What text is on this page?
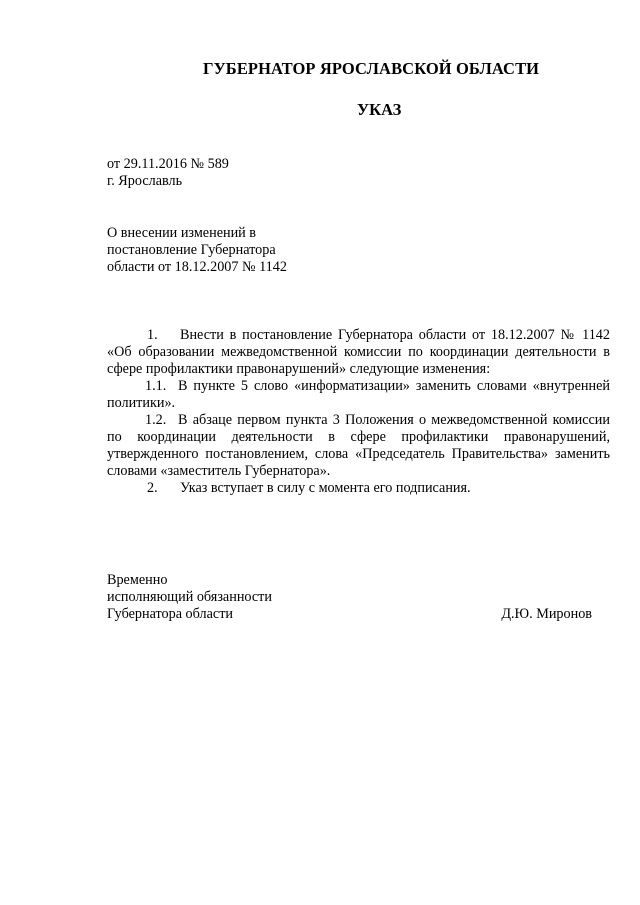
ГУБЕРНАТОР ЯРОСЛАВСКОЙ ОБЛАСТИ
УКАЗ
от 29.11.2016 № 589
г. Ярославль
О внесении изменений в
постановление Губернатора
области от 18.12.2007 № 1142

1. Внести в постановление Губернатора области от 18.12.2007 № 1142 «Об образовании межведомственной комиссии по координации деятельности в сфере профилактики правонарушений» следующие изменения:

1.1. В пункте 5 слово «информатизации» заменить словами «внутренней политики».

1.2. В абзаце первом пункта 3 Положения о межведомственной комиссии по координации деятельности в сфере профилактики правонарушений, утвержденного постановлением, слова «Председатель Правительства» заменить словами «заместитель Губернатора».

2. Указ вступает в силу с момента его подписания.

Временно
исполняющий обязанности
Губернатора области	Д.Ю. Миронов
